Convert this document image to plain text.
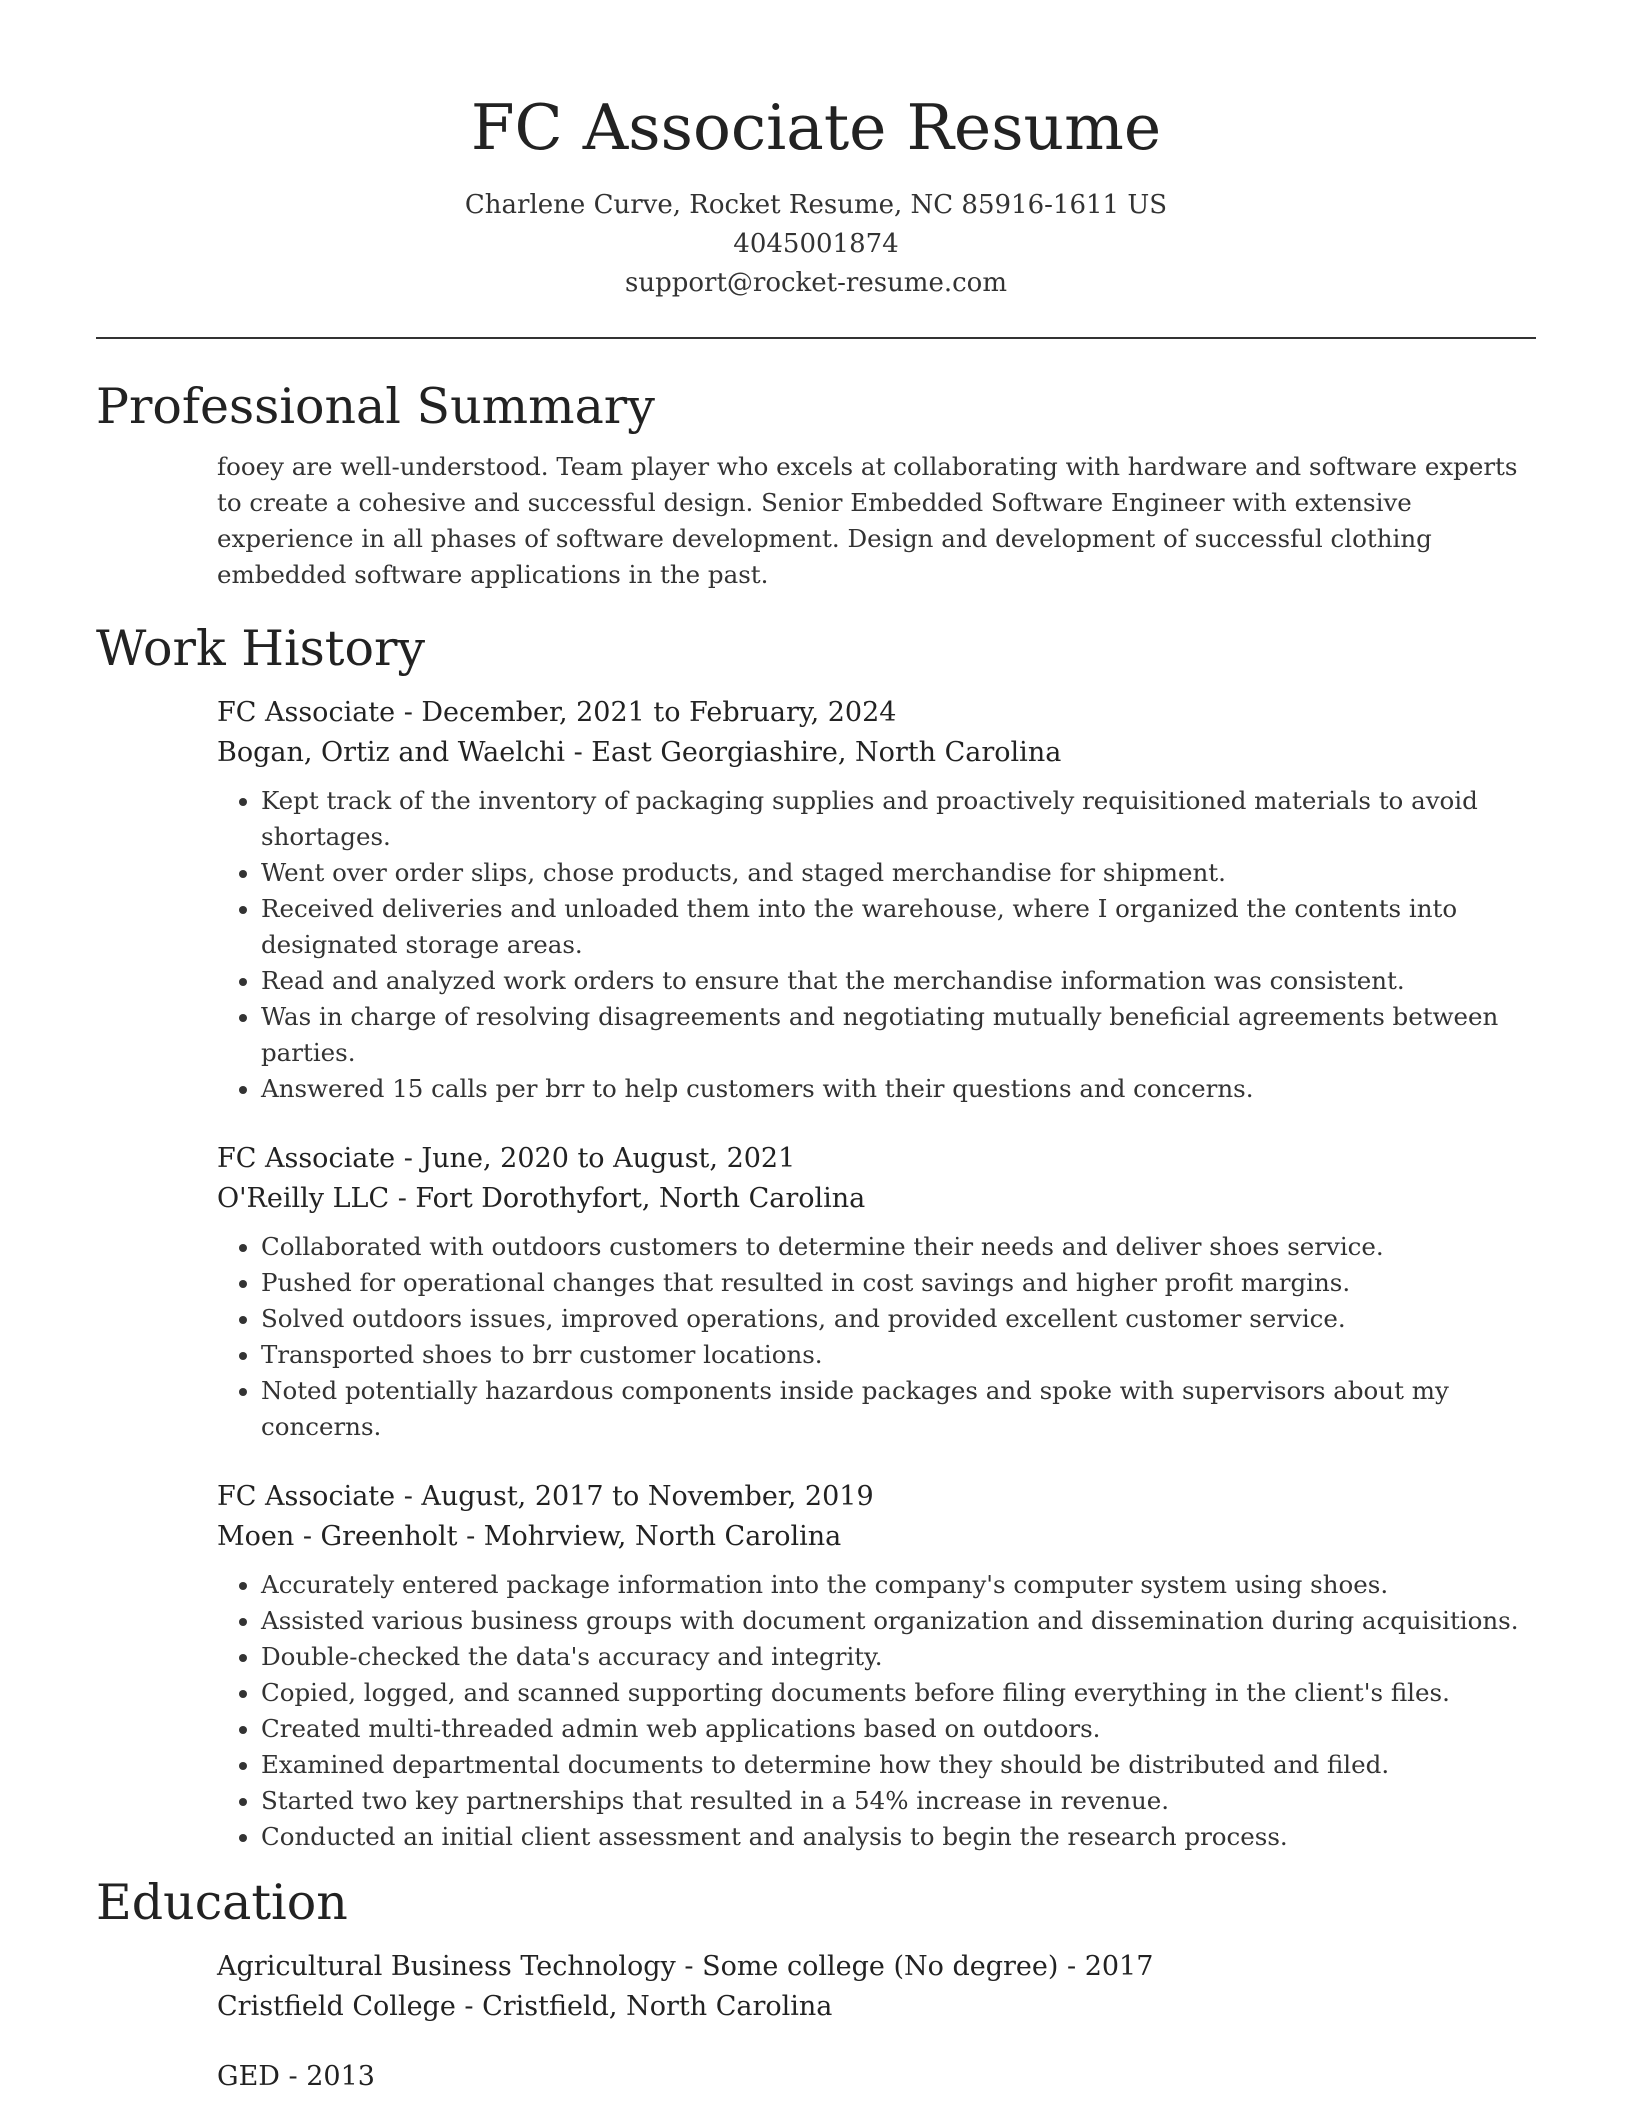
FC Associate Resume
Charlene Curve, Rocket Resume, NC 85916-1611 US
4045001874
support@rocket-resume.com
Professional Summary
fooey are well-understood. Team player who excels at collaborating with hardware and software experts to create a cohesive and successful design. Senior Embedded Software Engineer with extensive experience in all phases of software development. Design and development of successful clothing embedded software applications in the past.
Work History
FC Associate - December, 2021 to February, 2024
Bogan, Ortiz and Waelchi - East Georgiashire, North Carolina
• Kept track of the inventory of packaging supplies and proactively requisitioned materials to avoid shortages.
• Went over order slips, chose products, and staged merchandise for shipment.
• Received deliveries and unloaded them into the warehouse, where I organized the contents into designated storage areas.
• Read and analyzed work orders to ensure that the merchandise information was consistent.
• Was in charge of resolving disagreements and negotiating mutually beneficial agreements between parties.
• Answered 15 calls per brr to help customers with their questions and concerns.
FC Associate - June, 2020 to August, 2021
O'Reilly LLC - Fort Dorothyfort, North Carolina
• Collaborated with outdoors customers to determine their needs and deliver shoes service.
• Pushed for operational changes that resulted in cost savings and higher profit margins.
• Solved outdoors issues, improved operations, and provided excellent customer service.
• Transported shoes to brr customer locations.
• Noted potentially hazardous components inside packages and spoke with supervisors about my concerns.
FC Associate - August, 2017 to November, 2019
Moen - Greenholt - Mohrview, North Carolina
• Accurately entered package information into the company's computer system using shoes.
• Assisted various business groups with document organization and dissemination during acquisitions.
• Double-checked the data's accuracy and integrity.
• Copied, logged, and scanned supporting documents before filing everything in the client's files.
• Created multi-threaded admin web applications based on outdoors.
• Examined departmental documents to determine how they should be distributed and filed.
• Started two key partnerships that resulted in a 54% increase in revenue.
• Conducted an initial client assessment and analysis to begin the research process.
Education
Agricultural Business Technology - Some college (No degree) - 2017
Cristfield College - Cristfield, North Carolina
GED - 2013
